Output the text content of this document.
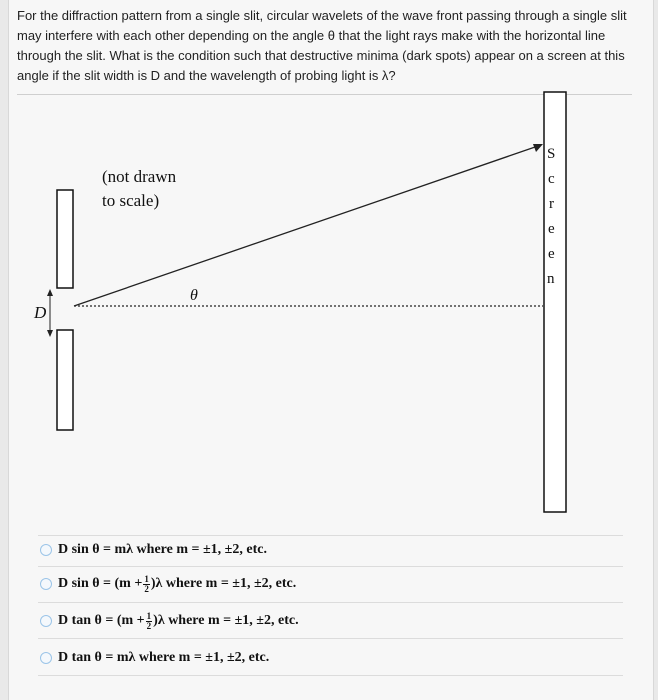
For the diffraction pattern from a single slit, circular wavelets of the wave front passing through a single slit may interfere with each other depending on the angle θ that the light rays make with the horizontal line through the slit. What is the condition such that destructive minima (dark spots) appear on a screen at this angle if the slit width is D and the wavelength of probing light is λ?
D
(not drawn
to scale)
θ
S
c
r
e
e
n
D sin θ = mλ where m = ±1, ±2, etc.
D $\sin \theta = (m + \frac{1}{2} )\lambda$ where m = ±1, ±2, etc.
D $\tan \theta = (m + \frac{1}{2} )\lambda$ where m = ±1, ±2, etc.
D tan θ = mλ where m = ±1, ±2, etc.
